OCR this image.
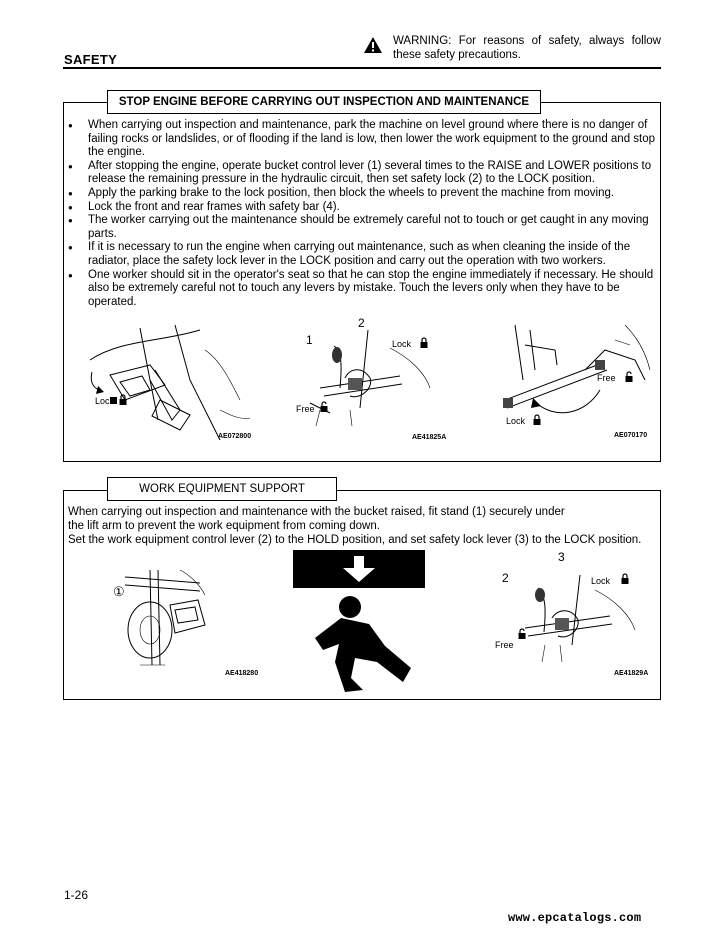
SAFETY
WARNING: For reasons of safety, always follow these safety precautions.
STOP ENGINE BEFORE CARRYING OUT INSPECTION AND MAINTENANCE
● When carrying out inspection and maintenance, park the machine on level ground where there is no danger of failing rocks or landslides, or of flooding if the land is low, then lower the work equipment to the ground and stop the engine.
● After stopping the engine, operate bucket control lever (1) several times to the RAISE and LOWER positions to release the remaining pressure in the hydraulic circuit, then set safety lock (2) to the LOCK position.
● Apply the parking brake to the lock position, then block the wheels to prevent the machine from moving.
● Lock the front and rear frames with safety bar (4).
● The worker carrying out the maintenance should be extremely careful not to touch or get caught in any moving parts.
● If it is necessary to run the engine when carrying out maintenance, such as when cleaning the inside of the radiator, place the safety lock lever in the LOCK position and carry out the operation with two workers.
● One worker should sit in the operator's seat so that he can stop the engine immediately if necessary. He should also be extremely careful not to touch any levers by mistake. Touch the levers only when they have to be operated.
Lock
AE072800
1
2
Lock
Free
AE41825A
Free
Lock
AE070170
WORK EQUIPMENT SUPPORT
When carrying out inspection and maintenance with the bucket raised, fit stand (1) securely under
the lift arm to prevent the work equipment from coming down.
Set the work equipment control lever (2) to the HOLD position, and set safety lock lever (3) to the LOCK position.
①
AE418280
2
3
Lock
Free
AE41829A
1-26
www.epcatalogs.com
